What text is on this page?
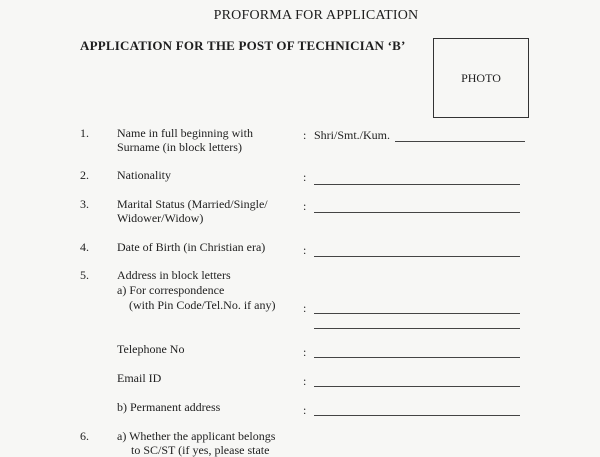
PROFORMA FOR APPLICATION
APPLICATION FOR THE POST OF TECHNICIAN ‘B’
PHOTO
1. Name in full beginning with
Surname (in block letters)
: Shri/Smt./Kum.
2. Nationality	:
3. Marital Status (Married/Single/
Widower/Widow)
:
4. Date of Birth (in Christian era)	:
5. Address in block letters
a) For correspondence
(with Pin Code/Tel.No. if any) :
Telephone No	:
Email ID	:
b) Permanent address	:
6. a) Whether the applicant belongs
to SC/ST (if yes, please state
